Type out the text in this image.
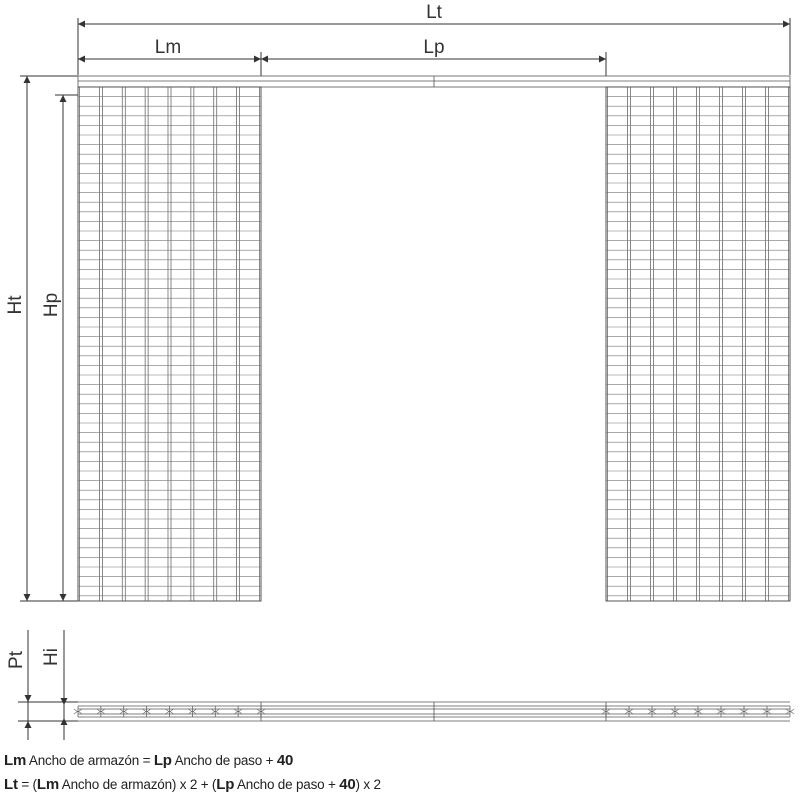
Lt
Lm	Lp
Ht Hp
Pt Hi
Lm Ancho de armazón = Lp Ancho de paso + 40
Lt = (Lm Ancho de armazón) x 2 + (Lp Ancho de paso + 40) x 2
